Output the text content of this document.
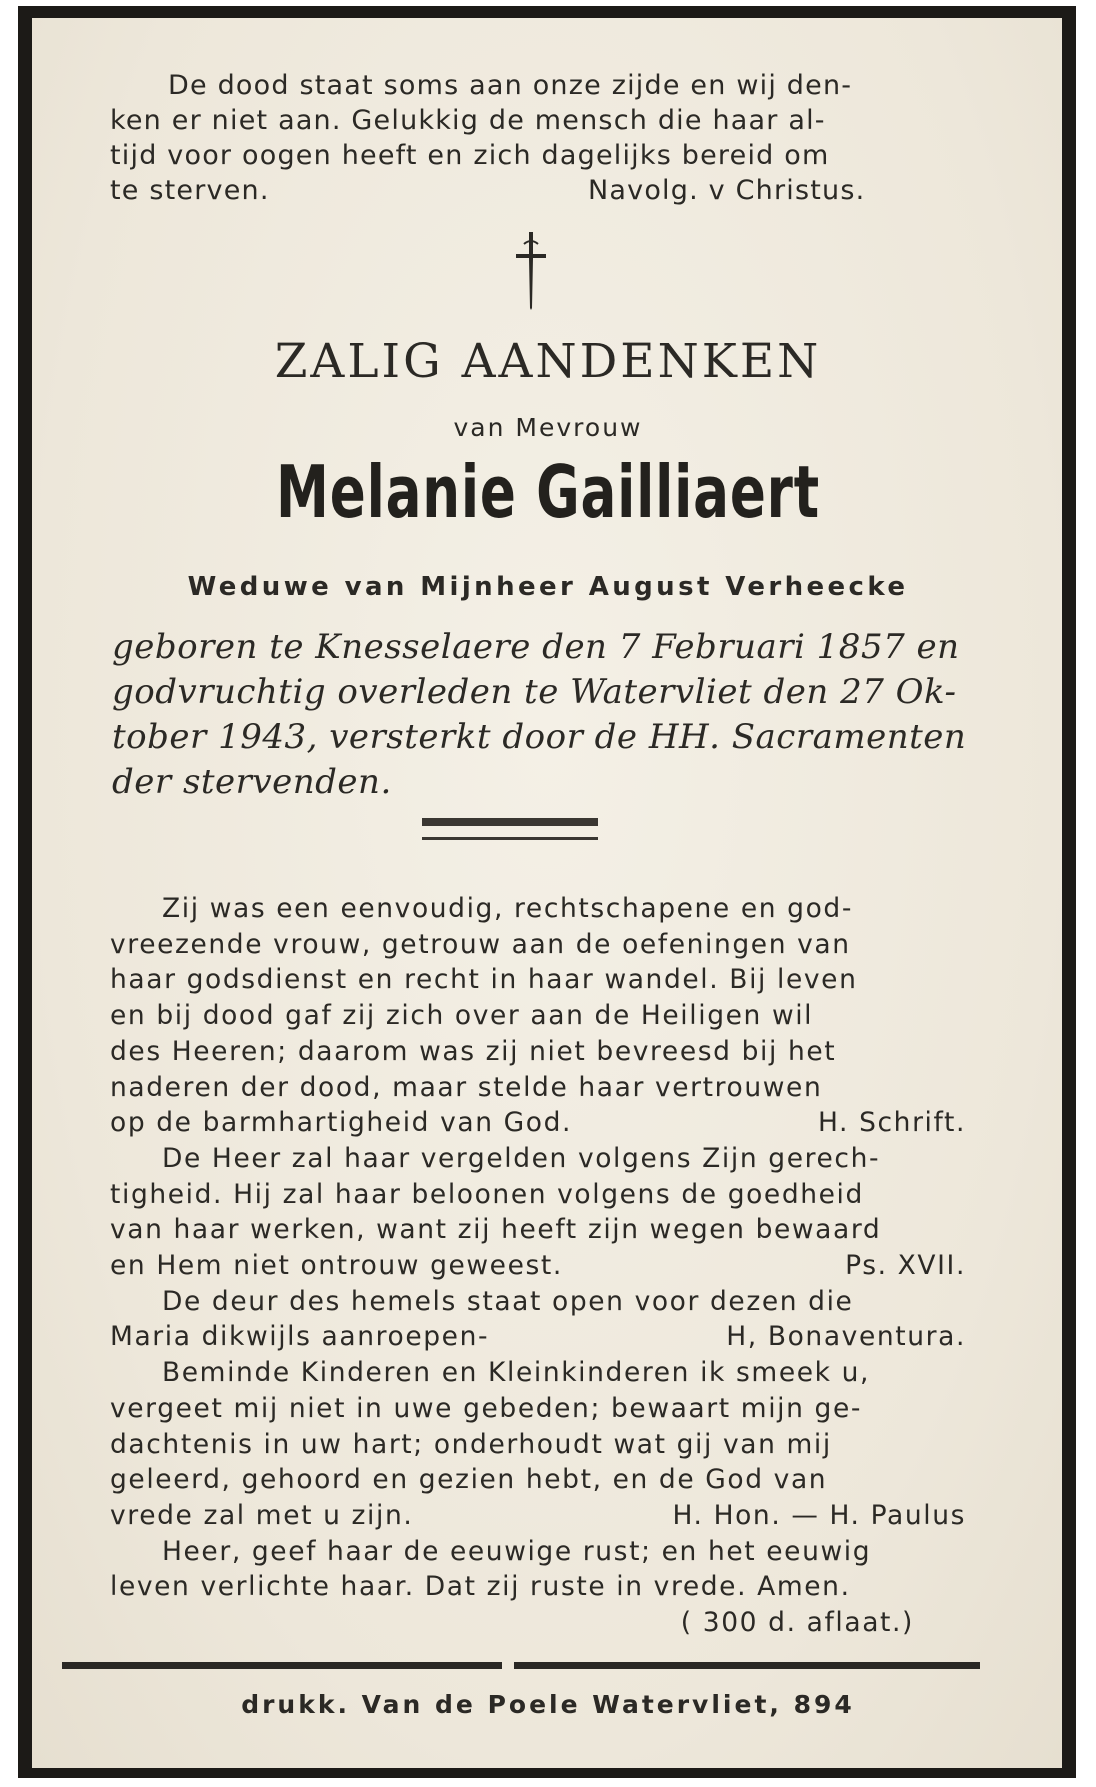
De dood staat soms aan onze zijde en wij den-
ken er niet aan. Gelukkig de mensch die haar al-
tijd voor oogen heeft en zich dagelijks bereid om
te sterven.	Navolg. v Christus.
ZALIG AANDENKEN
van Mevrouw
Melanie Gailliaert
Weduwe van Mijnheer August Verheecke
geboren te Knesselaere den 7 Februari 1857 en
godvruchtig overleden te Watervliet den 27 Ok-
tober 1943, versterkt door de HH. Sacramenten
der stervenden.
Zij was een eenvoudig, rechtschapene en god-
vreezende vrouw, getrouw aan de oefeningen van
haar godsdienst en recht in haar wandel. Bij leven
en bij dood gaf zij zich over aan de Heiligen wil
des Heeren; daarom was zij niet bevreesd bij het
naderen der dood, maar stelde haar vertrouwen
op de barmhartigheid van God.	H. Schrift.
De Heer zal haar vergelden volgens Zijn gerech-
tigheid. Hij zal haar beloonen volgens de goedheid
van haar werken, want zij heeft zijn wegen bewaard
en Hem niet ontrouw geweest.	Ps. XVII.
De deur des hemels staat open voor dezen die
Maria dikwijls aanroepen-	H, Bonaventura.
Beminde Kinderen en Kleinkinderen ik smeek u,
vergeet mij niet in uwe gebeden; bewaart mijn ge-
dachtenis in uw hart; onderhoudt wat gij van mij
geleerd, gehoord en gezien hebt, en de God van
vrede zal met u zijn.	H. Hon. — H. Paulus
Heer, geef haar de eeuwige rust; en het eeuwig
leven verlichte haar. Dat zij ruste in vrede. Amen.
( 300 d. aflaat.)
drukk. Van de Poele Watervliet, 894
